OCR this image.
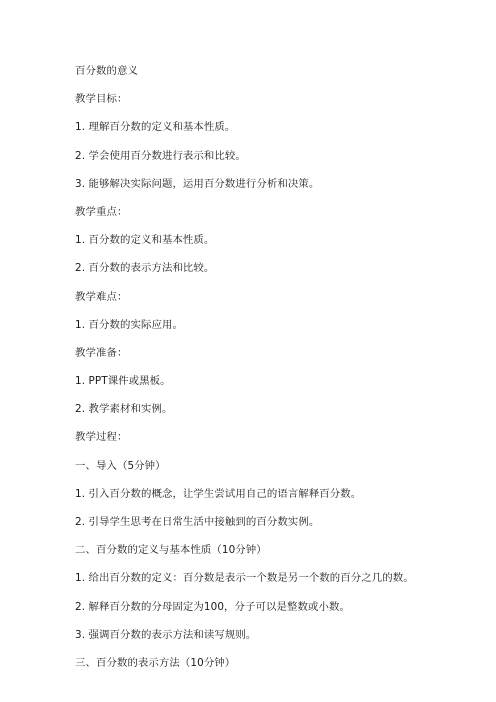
百分数的意义
教学目标：
1. 理解百分数的定义和基本性质。
2. 学会使用百分数进行表示和比较。
3. 能够解决实际问题，运用百分数进行分析和决策。
教学重点：
1. 百分数的定义和基本性质。
2. 百分数的表示方法和比较。
教学难点：
1. 百分数的实际应用。
教学准备：
1. PPT课件或黑板。
2. 教学素材和实例。
教学过程：
一、导入（5分钟）
1. 引入百分数的概念，让学生尝试用自己的语言解释百分数。
2. 引导学生思考在日常生活中接触到的百分数实例。
二、百分数的定义与基本性质（10分钟）
1. 给出百分数的定义：百分数是表示一个数是另一个数的百分之几的数。
2. 解释百分数的分母固定为100，分子可以是整数或小数。
3. 强调百分数的表示方法和读写规则。
三、百分数的表示方法（10分钟）
